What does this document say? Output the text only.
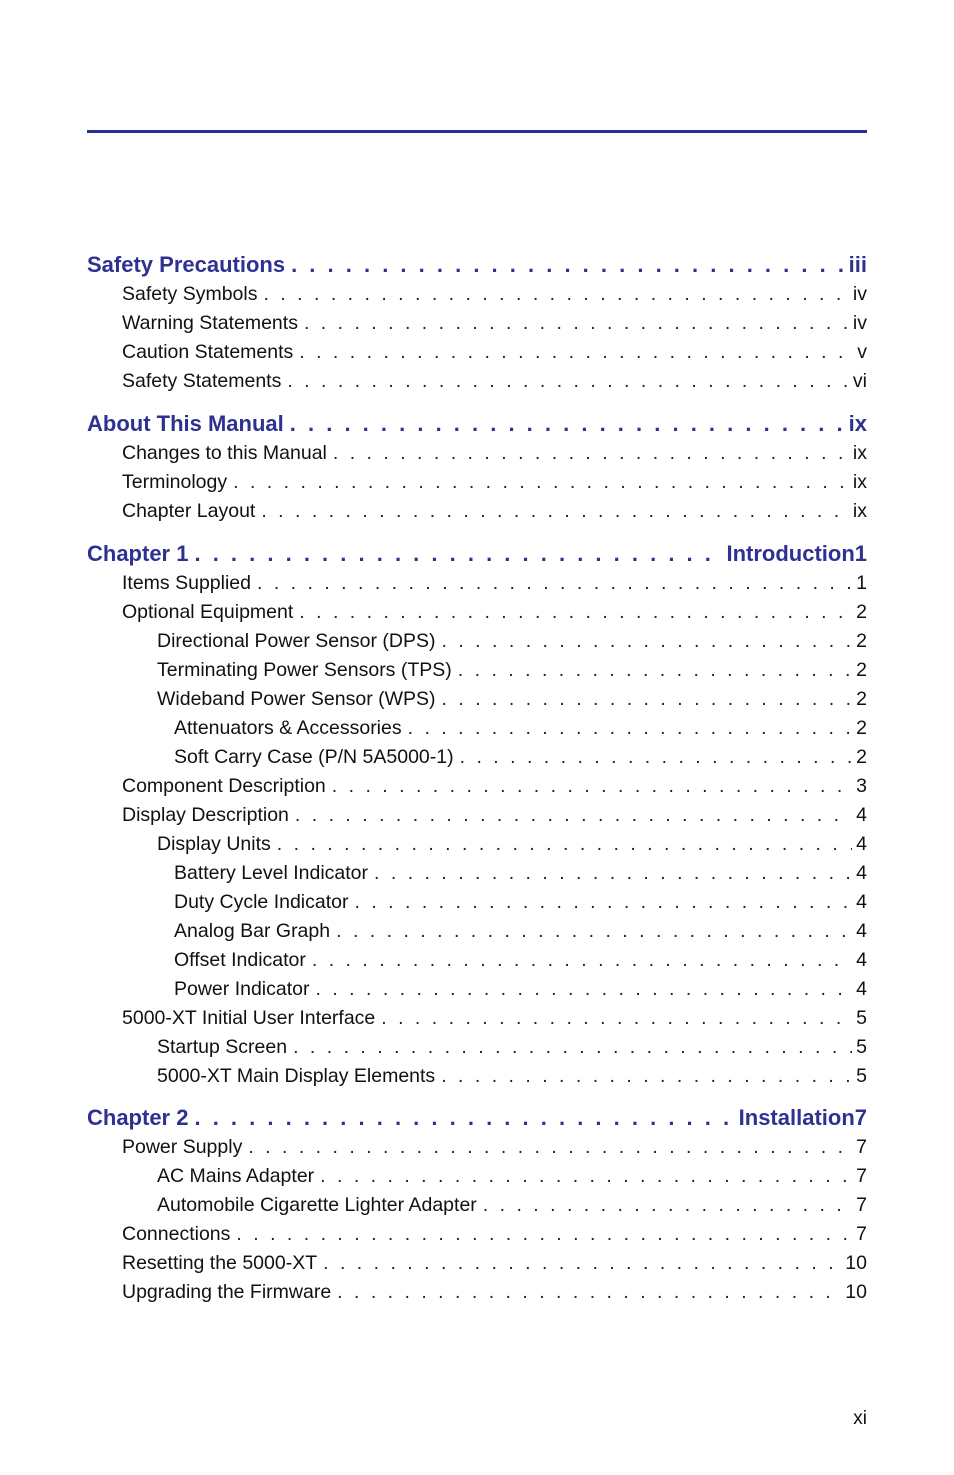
Safety Precautions . . .	iii
Safety Symbols . . .	iv
Warning Statements . . .	iv
Caution Statements . . .	v
Safety Statements . . .	vi
About This Manual . . .	ix
Changes to this Manual . . .	ix
Terminology . . .	ix
Chapter Layout . . .	ix
Chapter 1 . . .	Introduction1
Items Supplied . . .	1
Optional Equipment . . .	2
Directional Power Sensor (DPS) . . .	2
Terminating Power Sensors (TPS) . . .	2
Wideband Power Sensor (WPS) . . .	2
Attenuators & Accessories . . .	2
Soft Carry Case (P/N 5A5000-1) . . .	2
Component Description . . .	3
Display Description . . .	4
Display Units . . .	4
Battery Level Indicator . . .	4
Duty Cycle Indicator . . .	4
Analog Bar Graph . . .	4
Offset Indicator . . .	4
Power Indicator . . .	4
5000-XT Initial User Interface . . .	5
Startup Screen . . .	5
5000-XT Main Display Elements . . .	5
Chapter 2 . . .	Installation7
Power Supply . . .	7
AC Mains Adapter . . .	7
Automobile Cigarette Lighter Adapter . . .	7
Connections . . .	7
Resetting the 5000-XT . . .	10
Upgrading the Firmware . . .	10
xi
